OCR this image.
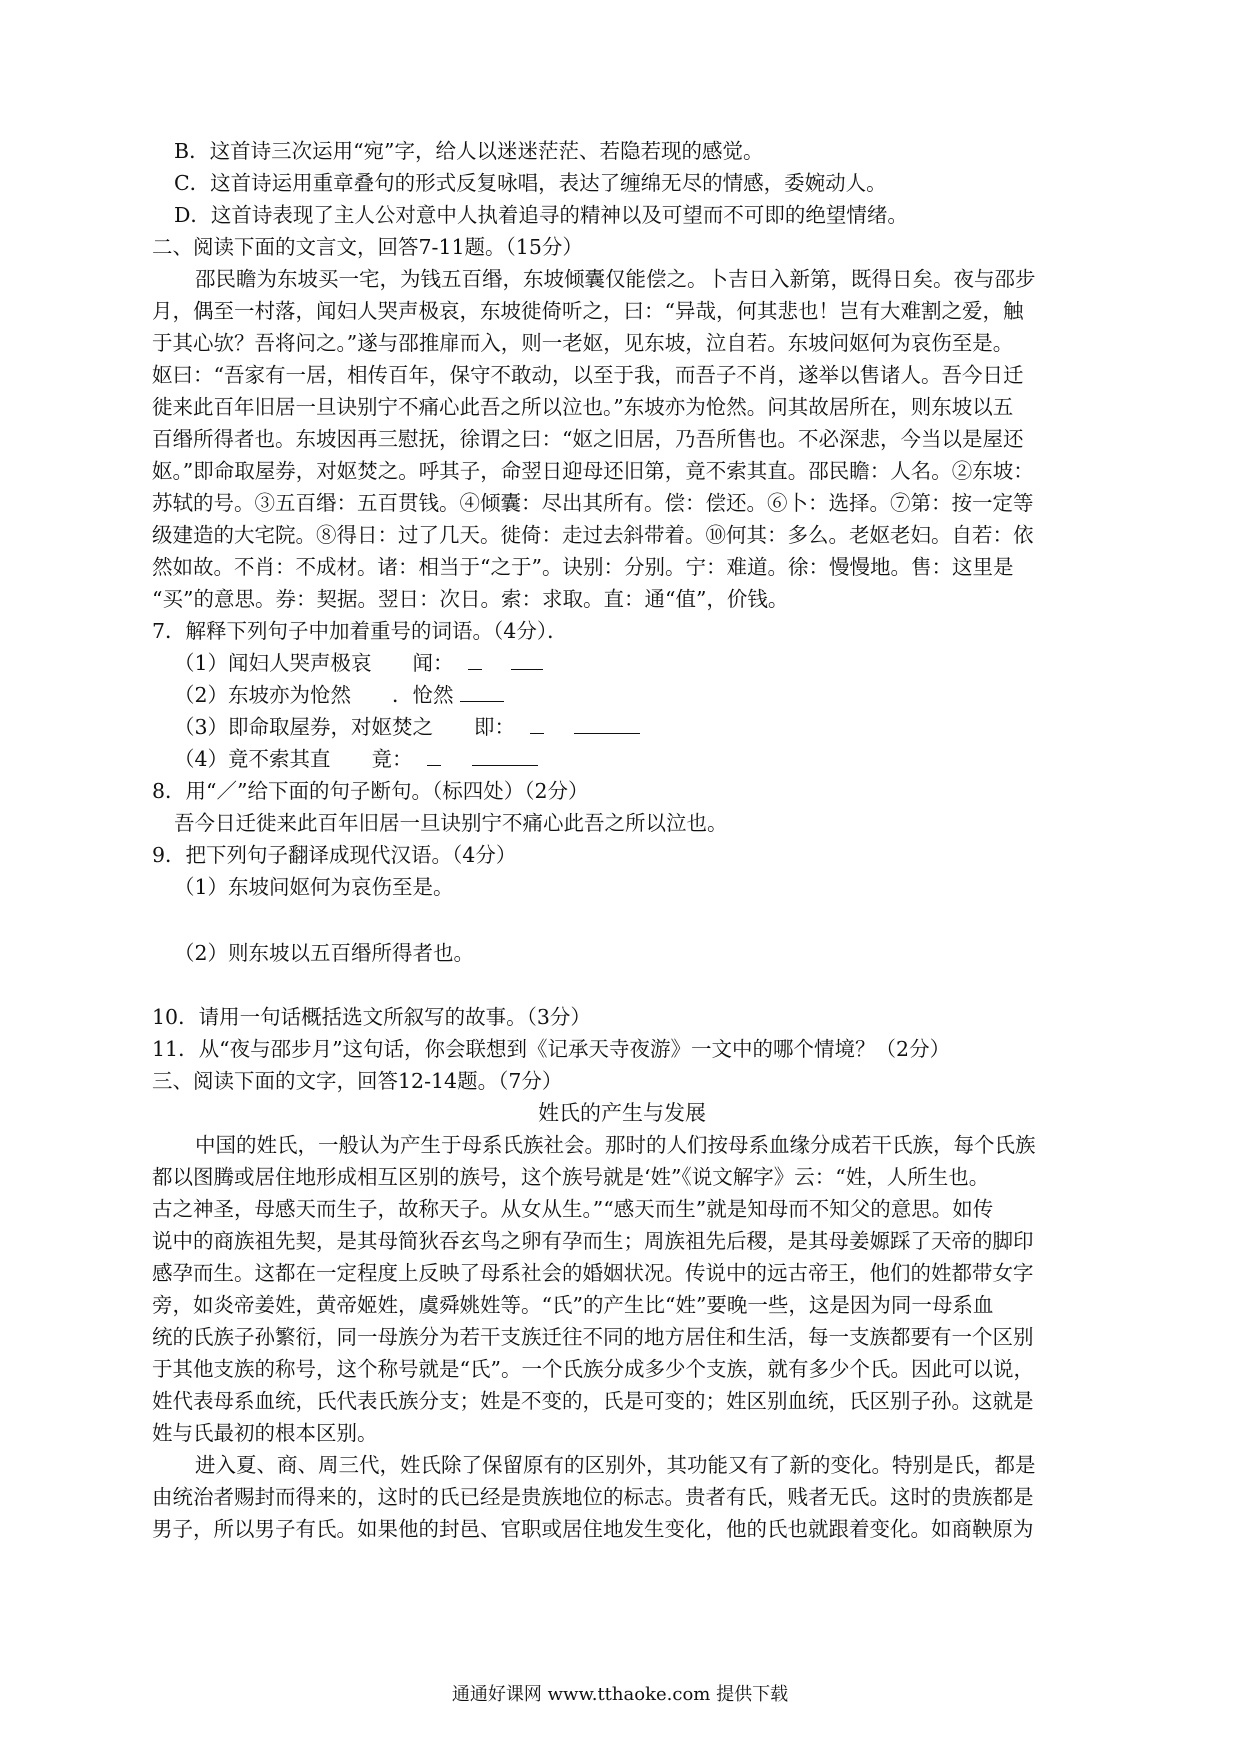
B．这首诗三次运用“宛”字，给人以迷迷茫茫、若隐若现的感觉。
C．这首诗运用重章叠句的形式反复咏唱，表达了缠绵无尽的情感，委婉动人。
D．这首诗表现了主人公对意中人执着追寻的精神以及可望而不可即的绝望情绪。
二、阅读下面的文言文，回答7-11题。（15分）
邵民瞻为东坡买一宅，为钱五百缗，东坡倾囊仅能偿之。卜吉日入新第，既得日矣。夜与邵步
月，偶至一村落，闻妇人哭声极哀，东坡徙倚听之，曰：“异哉，何其悲也！岂有大难割之爱，触
于其心欤？吾将问之。”遂与邵推扉而入，则一老妪，见东坡，泣自若。东坡问妪何为哀伤至是。
妪曰：“吾家有一居，相传百年，保守不敢动，以至于我，而吾子不肖，遂举以售诸人。吾今日迁
徙来此百年旧居一旦诀别宁不痛心此吾之所以泣也。”东坡亦为怆然。问其故居所在，则东坡以五
百缗所得者也。东坡因再三慰抚，徐谓之曰：“妪之旧居，乃吾所售也。不必深悲，今当以是屋还
妪。”即命取屋券，对妪焚之。呼其子，命翌日迎母还旧第，竟不索其直。邵民瞻：人名。②东坡：
苏轼的号。③五百缗：五百贯钱。④倾囊：尽出其所有。偿：偿还。⑥卜：选择。⑦第：按一定等
级建造的大宅院。⑧得日：过了几天。徙倚：走过去斜带着。⑩何其：多么。老妪老妇。自若：依
然如故。不肖：不成材。诸：相当于“之于”。诀别：分别。宁：难道。徐：慢慢地。售：这里是
“买”的意思。券：契据。翌日：次日。索：求取。直：通“值”，价钱。
7．解释下列句子中加着重号的词语。（4分）．
（1）闻妇人哭声极哀　　闻：
（2）东坡亦为怆然　　．怆然
（3）即命取屋券，对妪焚之　　即：
（4）竟不索其直　　竟：
8．用“／”给下面的句子断句。（标四处）（2分）
吾今日迁徙来此百年旧居一旦诀别宁不痛心此吾之所以泣也。
9．把下列句子翻译成现代汉语。（4分）
（1）东坡问妪何为哀伤至是。
（2）则东坡以五百缗所得者也。
10．请用一句话概括选文所叙写的故事。（3分）
11．从“夜与邵步月”这句话，你会联想到《记承天寺夜游》一文中的哪个情境？（2分）
三、阅读下面的文字，回答12-14题。（7分）
姓氏的产生与发展
中国的姓氏，一般认为产生于母系氏族社会。那时的人们按母系血缘分成若干氏族，每个氏族
都以图腾或居住地形成相互区别的族号，这个族号就是‘姓”《说文解字》云：“姓，人所生也。
古之神圣，母感天而生子，故称天子。从女从生。”“感天而生”就是知母而不知父的意思。如传
说中的商族祖先契，是其母简狄吞玄鸟之卵有孕而生；周族祖先后稷，是其母姜嫄踩了天帝的脚印
感孕而生。这都在一定程度上反映了母系社会的婚姻状况。传说中的远古帝王，他们的姓都带女字
旁，如炎帝姜姓，黄帝姬姓，虞舜姚姓等。“氏”的产生比“姓”要晚一些，这是因为同一母系血
统的氏族子孙繁衍，同一母族分为若干支族迁往不同的地方居住和生活，每一支族都要有一个区别
于其他支族的称号，这个称号就是“氏”。一个氏族分成多少个支族，就有多少个氏。因此可以说，
姓代表母系血统，氏代表氏族分支；姓是不变的，氏是可变的；姓区别血统，氏区别子孙。这就是
姓与氏最初的根本区别。
进入夏、商、周三代，姓氏除了保留原有的区别外，其功能又有了新的变化。特别是氏，都是
由统治者赐封而得来的，这时的氏已经是贵族地位的标志。贵者有氏，贱者无氏。这时的贵族都是
男子，所以男子有氏。如果他的封邑、官职或居住地发生变化，他的氏也就跟着变化。如商鞅原为
通通好课网 www.tthaoke.com 提供下载
